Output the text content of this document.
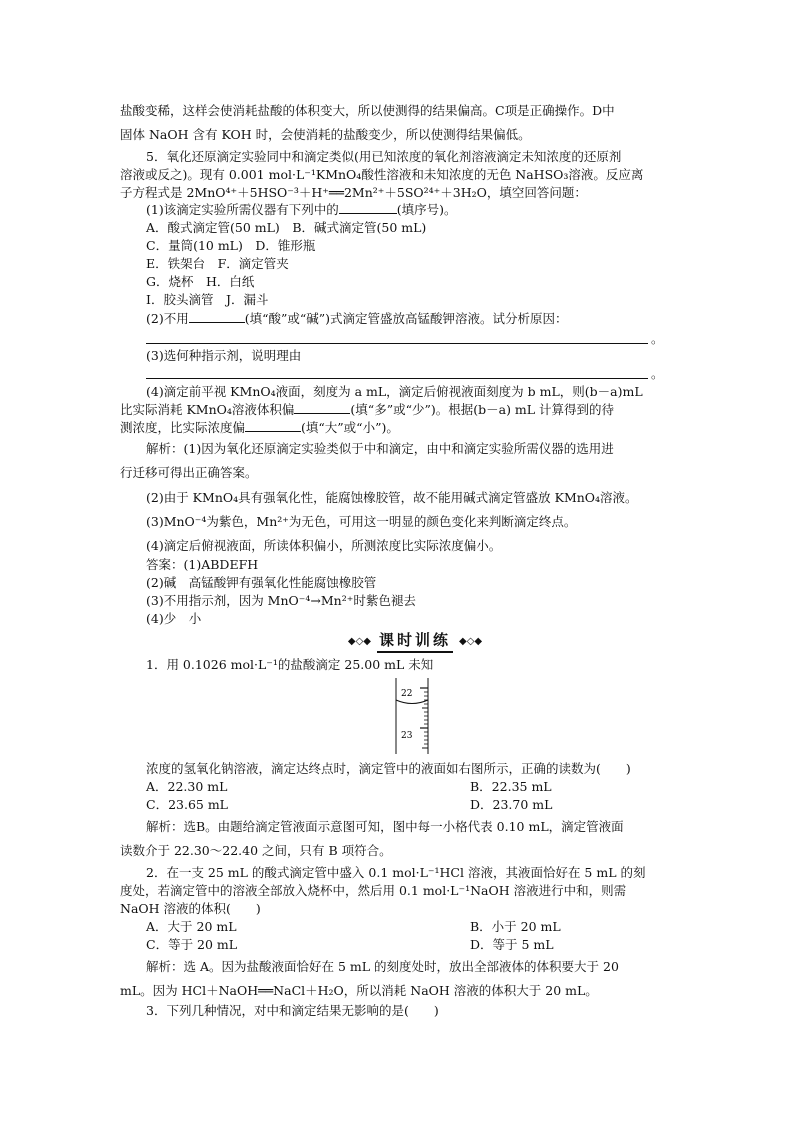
盐酸变稀，这样会使消耗盐酸的体积变大，所以使测得的结果偏高。C项是正确操作。D中
固体 NaOH 含有 KOH 时，会使消耗的盐酸变少，所以使测得结果偏低。
5．氧化还原滴定实验同中和滴定类似(用已知浓度的氧化剂溶液滴定未知浓度的还原剂
溶液或反之)。现有 0.001 mol·L⁻¹KMnO₄酸性溶液和未知浓度的无色 NaHSO₃溶液。反应离
子方程式是 2MnO⁴⁺＋5HSO⁻³＋H⁺══2Mn²⁺＋5SO²⁴⁺＋3H₂O，填空回答问题：
(1)该滴定实验所需仪器有下列中的	(填序号)。
A．酸式滴定管(50 mL)　B．碱式滴定管(50 mL)
C．量筒(10 mL)　D．锥形瓶
E．铁架台　F．滴定管夹
G．烧杯　H．白纸
I．胶头滴管　J．漏斗
(2)不用	(填“酸”或“碱”)式滴定管盛放高锰酸钾溶液。试分析原因：
。
(3)选何种指示剂，说明理由
。
(4)滴定前平视 KMnO₄液面，刻度为 a mL，滴定后俯视液面刻度为 b mL，则(b－a)mL
比实际消耗 KMnO₄溶液体积偏	(填“多”或“少”)。根据(b－a) mL 计算得到的待
测浓度，比实际浓度偏	(填“大”或“小”)。
解析：(1)因为氧化还原滴定实验类似于中和滴定，由中和滴定实验所需仪器的选用进
行迁移可得出正确答案。
(2)由于 KMnO₄具有强氧化性，能腐蚀橡胶管，故不能用碱式滴定管盛放 KMnO₄溶液。
(3)MnO⁻⁴为紫色，Mn²⁺为无色，可用这一明显的颜色变化来判断滴定终点。
(4)滴定后俯视液面，所读体积偏小，所测浓度比实际浓度偏小。
答案：(1)ABDEFH
(2)碱　高锰酸钾有强氧化性能腐蚀橡胶管
(3)不用指示剂，因为 MnO⁻⁴→Mn²⁺时紫色褪去
(4)少　小
◆◇◆ 课时训练 ◆◇◆
1．用 0.1026 mol·L⁻¹的盐酸滴定 25.00 mL 未知
22
23
浓度的氢氧化钠溶液，滴定达终点时，滴定管中的液面如右图所示，正确的读数为(　　)
A．22.30 mL	B．22.35 mL
C．23.65 mL	D．23.70 mL
解析：选B。由题给滴定管液面示意图可知，图中每一小格代表 0.10 mL，滴定管液面
读数介于 22.30～22.40 之间，只有 B 项符合。
2．在一支 25 mL 的酸式滴定管中盛入 0.1 mol·L⁻¹HCl 溶液，其液面恰好在 5 mL 的刻
度处，若滴定管中的溶液全部放入烧杯中，然后用 0.1 mol·L⁻¹NaOH 溶液进行中和，则需
NaOH 溶液的体积(　　)
A．大于 20 mL	B．小于 20 mL
C．等于 20 mL	D．等于 5 mL
解析：选 A。因为盐酸液面恰好在 5 mL 的刻度处时，放出全部液体的体积要大于 20
mL。因为 HCl＋NaOH══NaCl＋H₂O，所以消耗 NaOH 溶液的体积大于 20 mL。
3．下列几种情况，对中和滴定结果无影响的是(　　)
